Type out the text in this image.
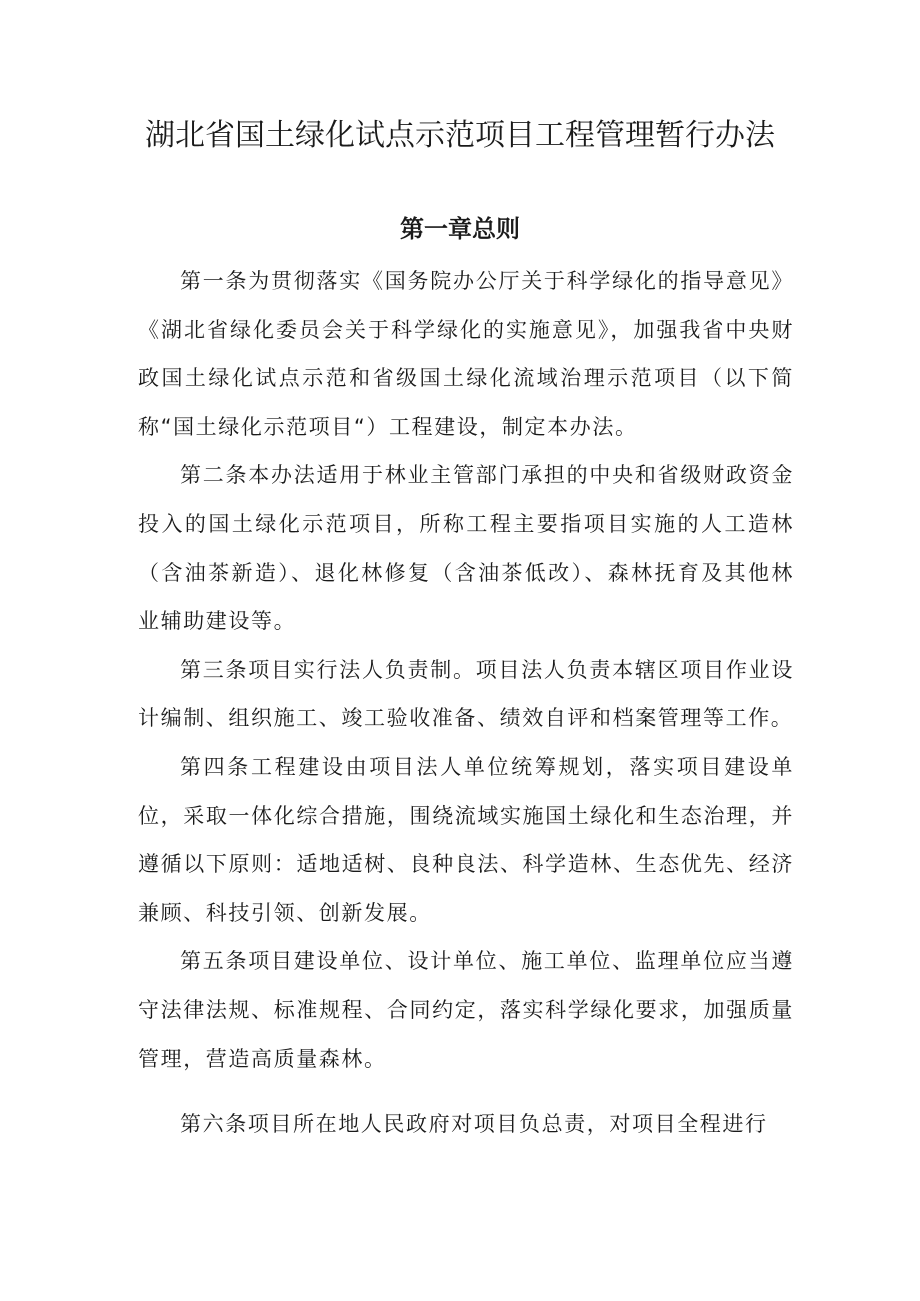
湖北省国土绿化试点示范项目工程管理暂行办法
第一章总则

第一条为贯彻落实《国务院办公厅关于科学绿化的指导意见》《湖北省绿化委员会关于科学绿化的实施意见》，加强我省中央财政国土绿化试点示范和省级国土绿化流域治理示范项目（以下简称“国土绿化示范项目“）工程建设，制定本办法。

第二条本办法适用于林业主管部门承担的中央和省级财政资金投入的国土绿化示范项目，所称工程主要指项目实施的人工造林（含油茶新造）、退化林修复（含油茶低改）、森林抚育及其他林业辅助建设等。

第三条项目实行法人负责制。项目法人负责本辖区项目作业设计编制、组织施工、竣工验收准备、绩效自评和档案管理等工作。

第四条工程建设由项目法人单位统筹规划，落实项目建设单位，采取一体化综合措施，围绕流域实施国土绿化和生态治理，并遵循以下原则：适地适树、良种良法、科学造林、生态优先、经济兼顾、科技引领、创新发展。

第五条项目建设单位、设计单位、施工单位、监理单位应当遵守法律法规、标准规程、合同约定，落实科学绿化要求，加强质量管理，营造高质量森林。

第六条项目所在地人民政府对项目负总责，对项目全程进行
